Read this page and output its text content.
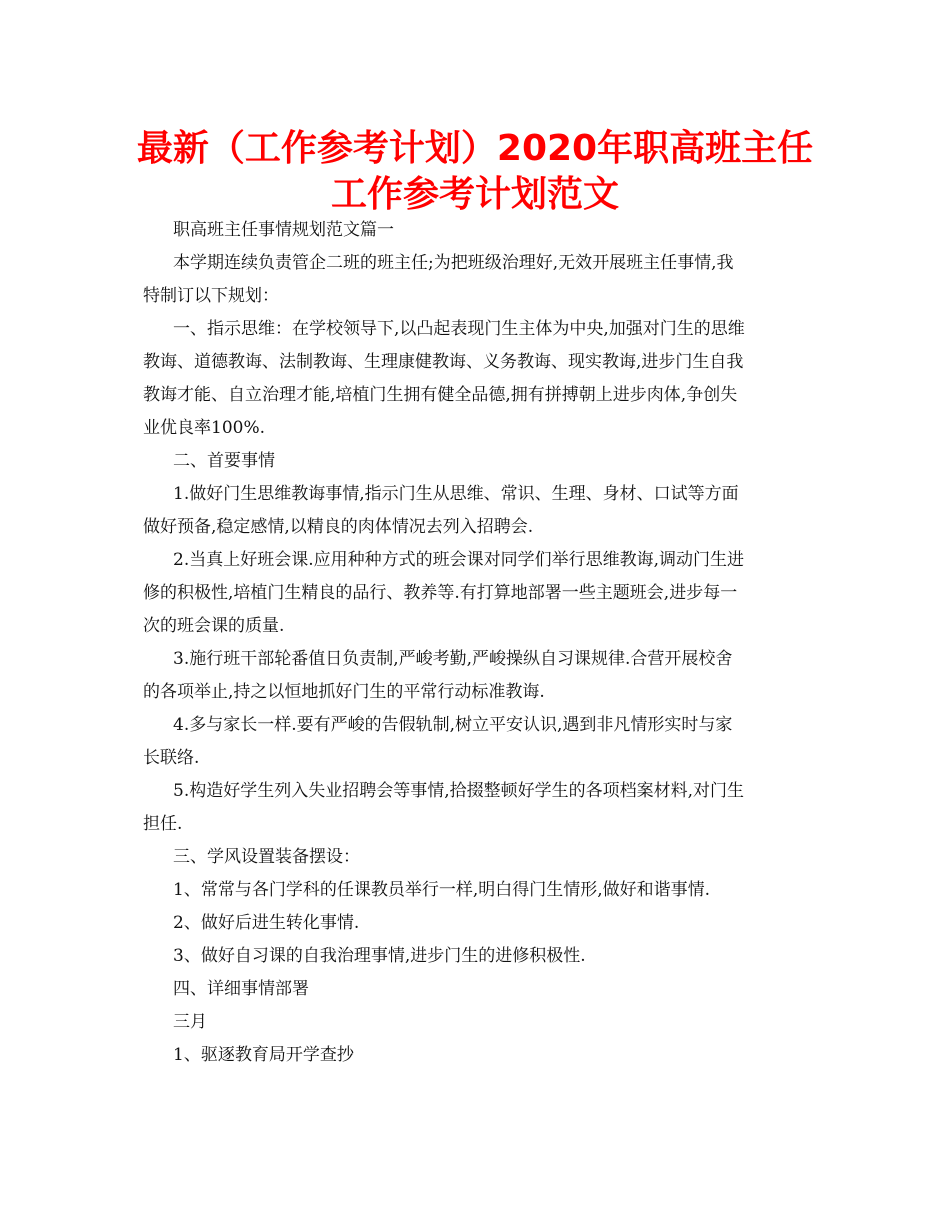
最新（工作参考计划）2020年职高班主任
工作参考计划范文
职高班主任事情规划范文篇一
本学期连续负责管企二班的班主任;为把班级治理好,无效开展班主任事情,我
特制订以下规划：
一、指示思维：在学校领导下,以凸起表现门生主体为中央,加强对门生的思维
教诲、道德教诲、法制教诲、生理康健教诲、义务教诲、现实教诲,进步门生自我
教诲才能、自立治理才能,培植门生拥有健全品德,拥有拼搏朝上进步肉体,争创失
业优良率100%.
二、首要事情
1.做好门生思维教诲事情,指示门生从思维、常识、生理、身材、口试等方面
做好预备,稳定感情,以精良的肉体情况去列入招聘会.
2.当真上好班会课.应用种种方式的班会课对同学们举行思维教诲,调动门生进
修的积极性,培植门生精良的品行、教养等.有打算地部署一些主题班会,进步每一
次的班会课的质量.
3.施行班干部轮番值日负责制,严峻考勤,严峻操纵自习课规律.合营开展校舍
的各项举止,持之以恒地抓好门生的平常行动标准教诲.
4.多与家长一样.要有严峻的告假轨制,树立平安认识,遇到非凡情形实时与家
长联络.
5.构造好学生列入失业招聘会等事情,拾掇整顿好学生的各项档案材料,对门生
担任.
三、学风设置装备摆设：
1、常常与各门学科的任课教员举行一样,明白得门生情形,做好和谐事情.
2、做好后进生转化事情.
3、做好自习课的自我治理事情,进步门生的进修积极性.
四、详细事情部署
三月
1、驱逐教育局开学查抄
